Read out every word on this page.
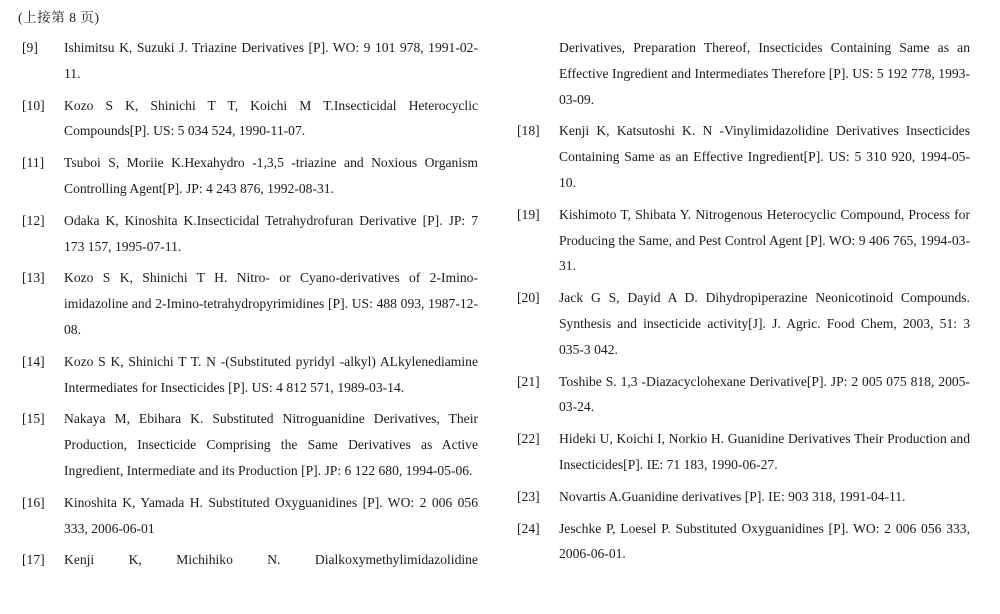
(上接第 8 页)
[9]	Ishimitsu K, Suzuki J. Triazine Derivatives [P]. WO: 9 101 978, 1991-02-11.
[10]	Kozo S K, Shinichi T T, Koichi M T.Insecticidal Heterocyclic Compounds[P]. US: 5 034 524, 1990-11-07.
[11]	Tsuboi S, Moriie K.Hexahydro -1,3,5 -triazine and Noxious Organism Controlling Agent[P]. JP: 4 243 876, 1992-08-31.
[12]	Odaka K, Kinoshita K.Insecticidal Tetrahydrofuran Derivative [P]. JP: 7 173 157, 1995-07-11.
[13]	Kozo S K, Shinichi T H. Nitro- or Cyano-derivatives of 2-Imino-imidazoline and 2-Imino-tetrahydropyrimidines [P]. US: 488 093, 1987-12-08.
[14]	Kozo S K, Shinichi T T. N -(Substituted pyridyl -alkyl) ALkylenediamine Intermediates for Insecticides [P]. US: 4 812 571, 1989-03-14.
[15]	Nakaya M, Ebihara K. Substituted Nitroguanidine Derivatives, Their Production, Insecticide Comprising the Same Derivatives as Active Ingredient, Intermediate and its Production [P]. JP: 6 122 680, 1994-05-06.
[16]	Kinoshita K, Yamada H. Substituted Oxyguanidines [P]. WO: 2 006 056 333, 2006-06-01
[17]	Kenji K, Michihiko N. Dialkoxymethylimidazolidine
Derivatives, Preparation Thereof, Insecticides Containing Same as an Effective Ingredient and Intermediates Therefore [P]. US: 5 192 778, 1993-03-09.
[18]	Kenji K, Katsutoshi K. N -Vinylimidazolidine Derivatives Insecticides Containing Same as an Effective Ingredient[P]. US: 5 310 920, 1994-05-10.
[19]	Kishimoto T, Shibata Y. Nitrogenous Heterocyclic Compound, Process for Producing the Same, and Pest Control Agent [P]. WO: 9 406 765, 1994-03-31.
[20]	Jack G S, Dayid A D. Dihydropiperazine Neonicotinoid Compounds. Synthesis and insecticide activity[J]. J. Agric. Food Chem, 2003, 51: 3 035-3 042.
[21]	Toshibe S. 1,3 -Diazacyclohexane Derivative[P]. JP: 2 005 075 818, 2005-03-24.
[22]	Hideki U, Koichi I, Norkio H. Guanidine Derivatives Their Production and Insecticides[P]. IE: 71 183, 1990-06-27.
[23]	Novartis A.Guanidine derivatives [P]. IE: 903 318, 1991-04-11.
[24]	Jeschke P, Loesel P. Substituted Oxyguanidines [P]. WO: 2 006 056 333, 2006-06-01.
